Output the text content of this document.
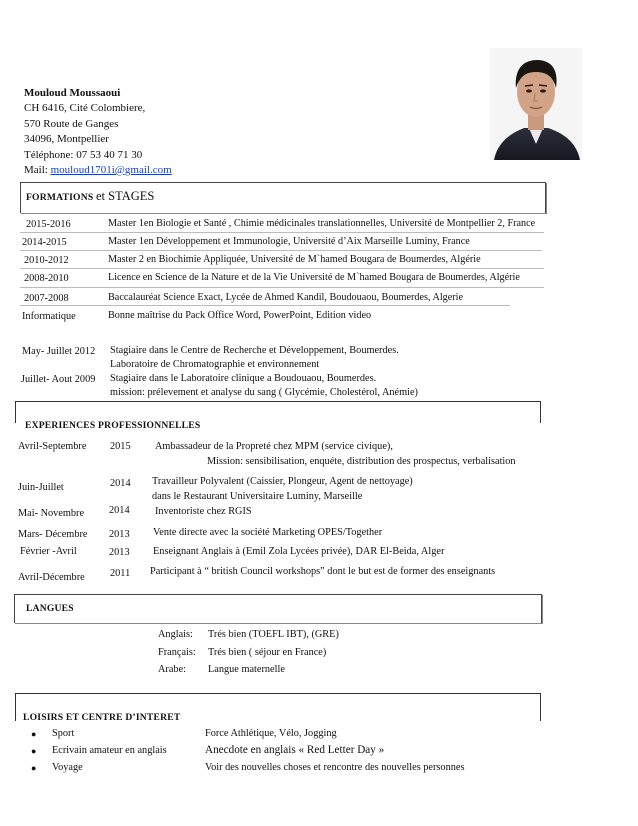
Mouloud Moussaoui
CH 6416, Cité Colombiere,
570 Route de Ganges
34096, Montpellier
Téléphone: 07 53 40 71 30
Mail: mouloud1701i@gmail.com
FORMATIONS et STAGES
2015-2016	Master 1en Biologie et Santé , Chimie médicinales translationnelles, Université de Montpellier 2, France
2014-2015	Master 1en Développement et Immunologie, Université d’Aix Marseille Luminy, France
2010-2012	Master 2 en Biochimie Appliquée, Université de M`hamed Bougara de Boumerdes, Algérie
2008-2010	Licence en Science de la Nature et de la Vie Université de M`hamed Bougara de Boumerdes, Algérie
2007-2008	Baccalauréat Science Exact, Lycée de Ahmed Kandil, Boudouaou, Boumerdes, Algerie
Informatique	Bonne maîtrise du Pack Office Word, PowerPoint, Edition video
May- Juillet 2012 Stagiaire dans le Centre de Recherche et Développement, Boumerdes.
Laboratoire de Chromatographie et environnement
Juillet- Aout 2009 Stagiaire dans le Laboratoire clinique a Boudouaou, Boumerdes.
mission: prélevement et analyse du sang ( Glycémie, Cholestérol, Anémie)
EXPERIENCES PROFESSIONNELLES
Avril-Septembre 2015 Ambassadeur de la Propreté chez MPM (service civique),
Mission: sensibilisation, enquéte, distribution des prospectus, verbalisation
Juin-Juillet	2014 Travailleur Polyvalent (Caissier, Plongeur, Agent de nettoyage)
dans le Restaurant Universitaire Luminy, Marseille
Mai- Novembre 2014 Inventoriste chez RGIS
Mars- Décembre 2013 Vente directe avec la société Marketing OPES/Together
Février -Avril	2013 Enseignant Anglais à (Emil Zola Lycées privée), DAR El-Beida, Alger
Avril-Décembre 2011 Participant à “ british Council workshops” dont le but est de former des enseignants
LANGUES
Anglais: Trés bien (TOEFL IBT), (GRE)
Français: Trés bien ( séjour en France)
Arabe: Langue maternelle
LOISIRS ET CENTRE D’INTERET
● Sport	Force Athlétique, Vélo, Jogging
● Ecrivain amateur en anglais	Anecdote en anglais « Red Letter Day »
● Voyage	Voir des nouvelles choses et rencontre des nouvelles personnes
